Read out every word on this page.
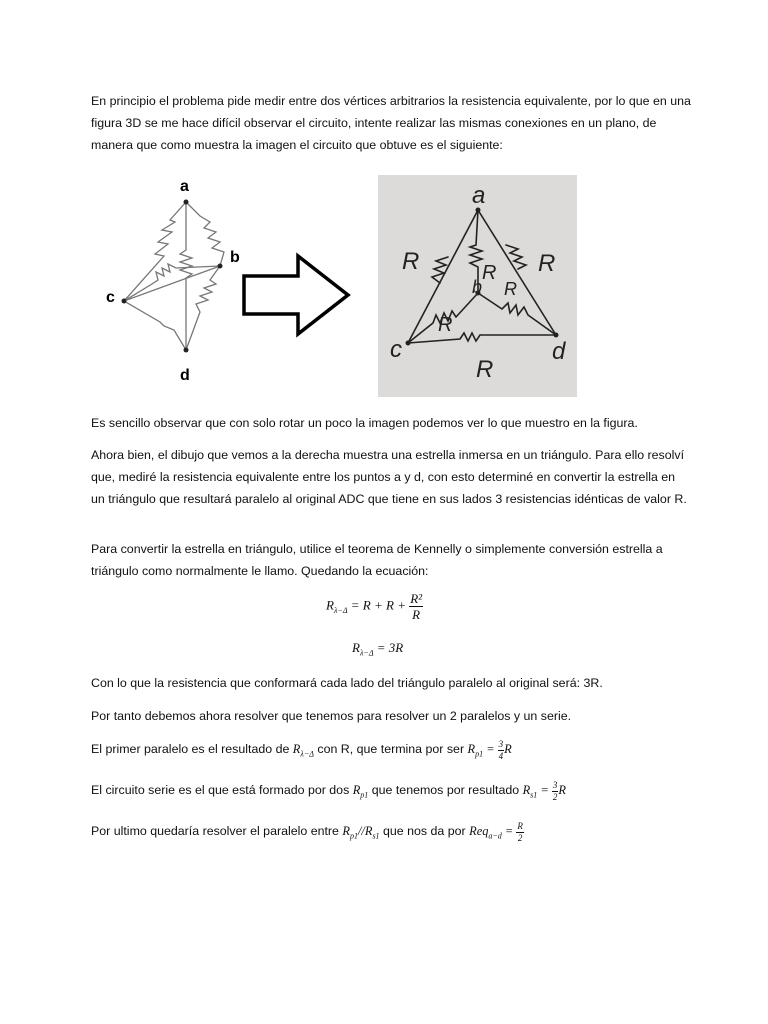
En principio el problema pide medir entre dos vértices arbitrarios la resistencia equivalente, por lo que en una figura 3D se me hace difícil observar el circuito, intente realizar las mismas conexiones en un plano, de manera que como muestra la imagen el circuito que obtuve es el siguiente:

a
b
c
d
a
R	R
R
b R
R
c	d
R

Es sencillo observar que con solo rotar un poco la imagen podemos ver lo que muestro en la figura.

Ahora bien, el dibujo que vemos a la derecha muestra una estrella inmersa en un triángulo. Para ello resolví que, mediré la resistencia equivalente entre los puntos a y d, con esto determiné en convertir la estrella en un triángulo que resultará paralelo al original ADC que tiene en sus lados 3 resistencias idénticas de valor R.

Para convertir la estrella en triángulo, utilice el teorema de Kennelly o simplemente conversión estrella a triángulo como normalmente le llamo. Quedando la ecuación:

$R_{\lambda-\Delta} = R + R + \frac{\text{R²}}{R}$
$R_{\lambda-\Delta} = 3R$

Con lo que la resistencia que conformará cada lado del triángulo paralelo al original será: 3R.

Por tanto debemos ahora resolver que tenemos para resolver un 2 paralelos y un serie.

El primer paralelo es el resultado de $R_{\lambda-\Delta}$ con R, que termina por ser $R_{p1} = \frac{3}{4}$ R
El circuito serie es el que está formado por dos $R_{p1}$ que tenemos por resultado $R_{s1} = \frac{3}{2}$ R
Por ultimo quedaría resolver el paralelo entre $R_{p1}//R_{s1}$ que nos da por $Req_{a-d} = \frac{R}{2}$
